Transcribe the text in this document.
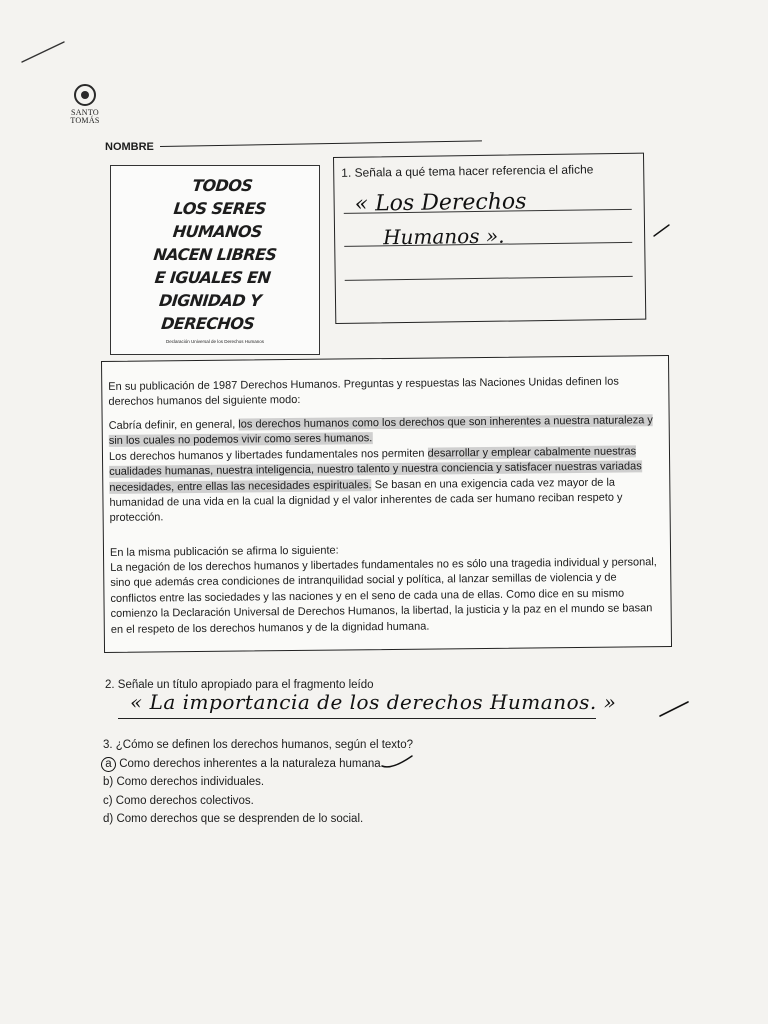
SANTO TOMÁS
NOMBRE
TODOS
LOS SERES
HUMANOS
NACEN LIBRES
E IGUALES EN
DIGNIDAD Y
DERECHOS
Declaración Universal de los Derechos Humanos
1. Señala a qué tema hacer referencia el afiche
« Los Derechos
Humanos ».
En su publicación de 1987 Derechos Humanos. Preguntas y respuestas las Naciones Unidas definen los derechos humanos del siguiente modo:
Cabría definir, en general, los derechos humanos como los derechos que son inherentes a nuestra naturaleza y sin los cuales no podemos vivir como seres humanos.
Los derechos humanos y libertades fundamentales nos permiten desarrollar y emplear cabalmente nuestras cualidades humanas, nuestra inteligencia, nuestro talento y nuestra conciencia y satisfacer nuestras variadas necesidades, entre ellas las necesidades espirituales. Se basan en una exigencia cada vez mayor de la humanidad de una vida en la cual la dignidad y el valor inherentes de cada ser humano reciban respeto y protección.
En la misma publicación se afirma lo siguiente:
La negación de los derechos humanos y libertades fundamentales no es sólo una tragedia individual y personal, sino que además crea condiciones de intranquilidad social y política, al lanzar semillas de violencia y de conflictos entre las sociedades y las naciones y en el seno de cada una de ellas. Como dice en su mismo comienzo la Declaración Universal de Derechos Humanos, la libertad, la justicia y la paz en el mundo se basan en el respeto de los derechos humanos y de la dignidad humana.
2. Señale un título apropiado para el fragmento leído
« La importancia de los derechos Humanos. »
3. ¿Cómo se definen los derechos humanos, según el texto?
a Como derechos inherentes a la naturaleza humana
b) Como derechos individuales.
c) Como derechos colectivos.
d) Como derechos que se desprenden de lo social.
